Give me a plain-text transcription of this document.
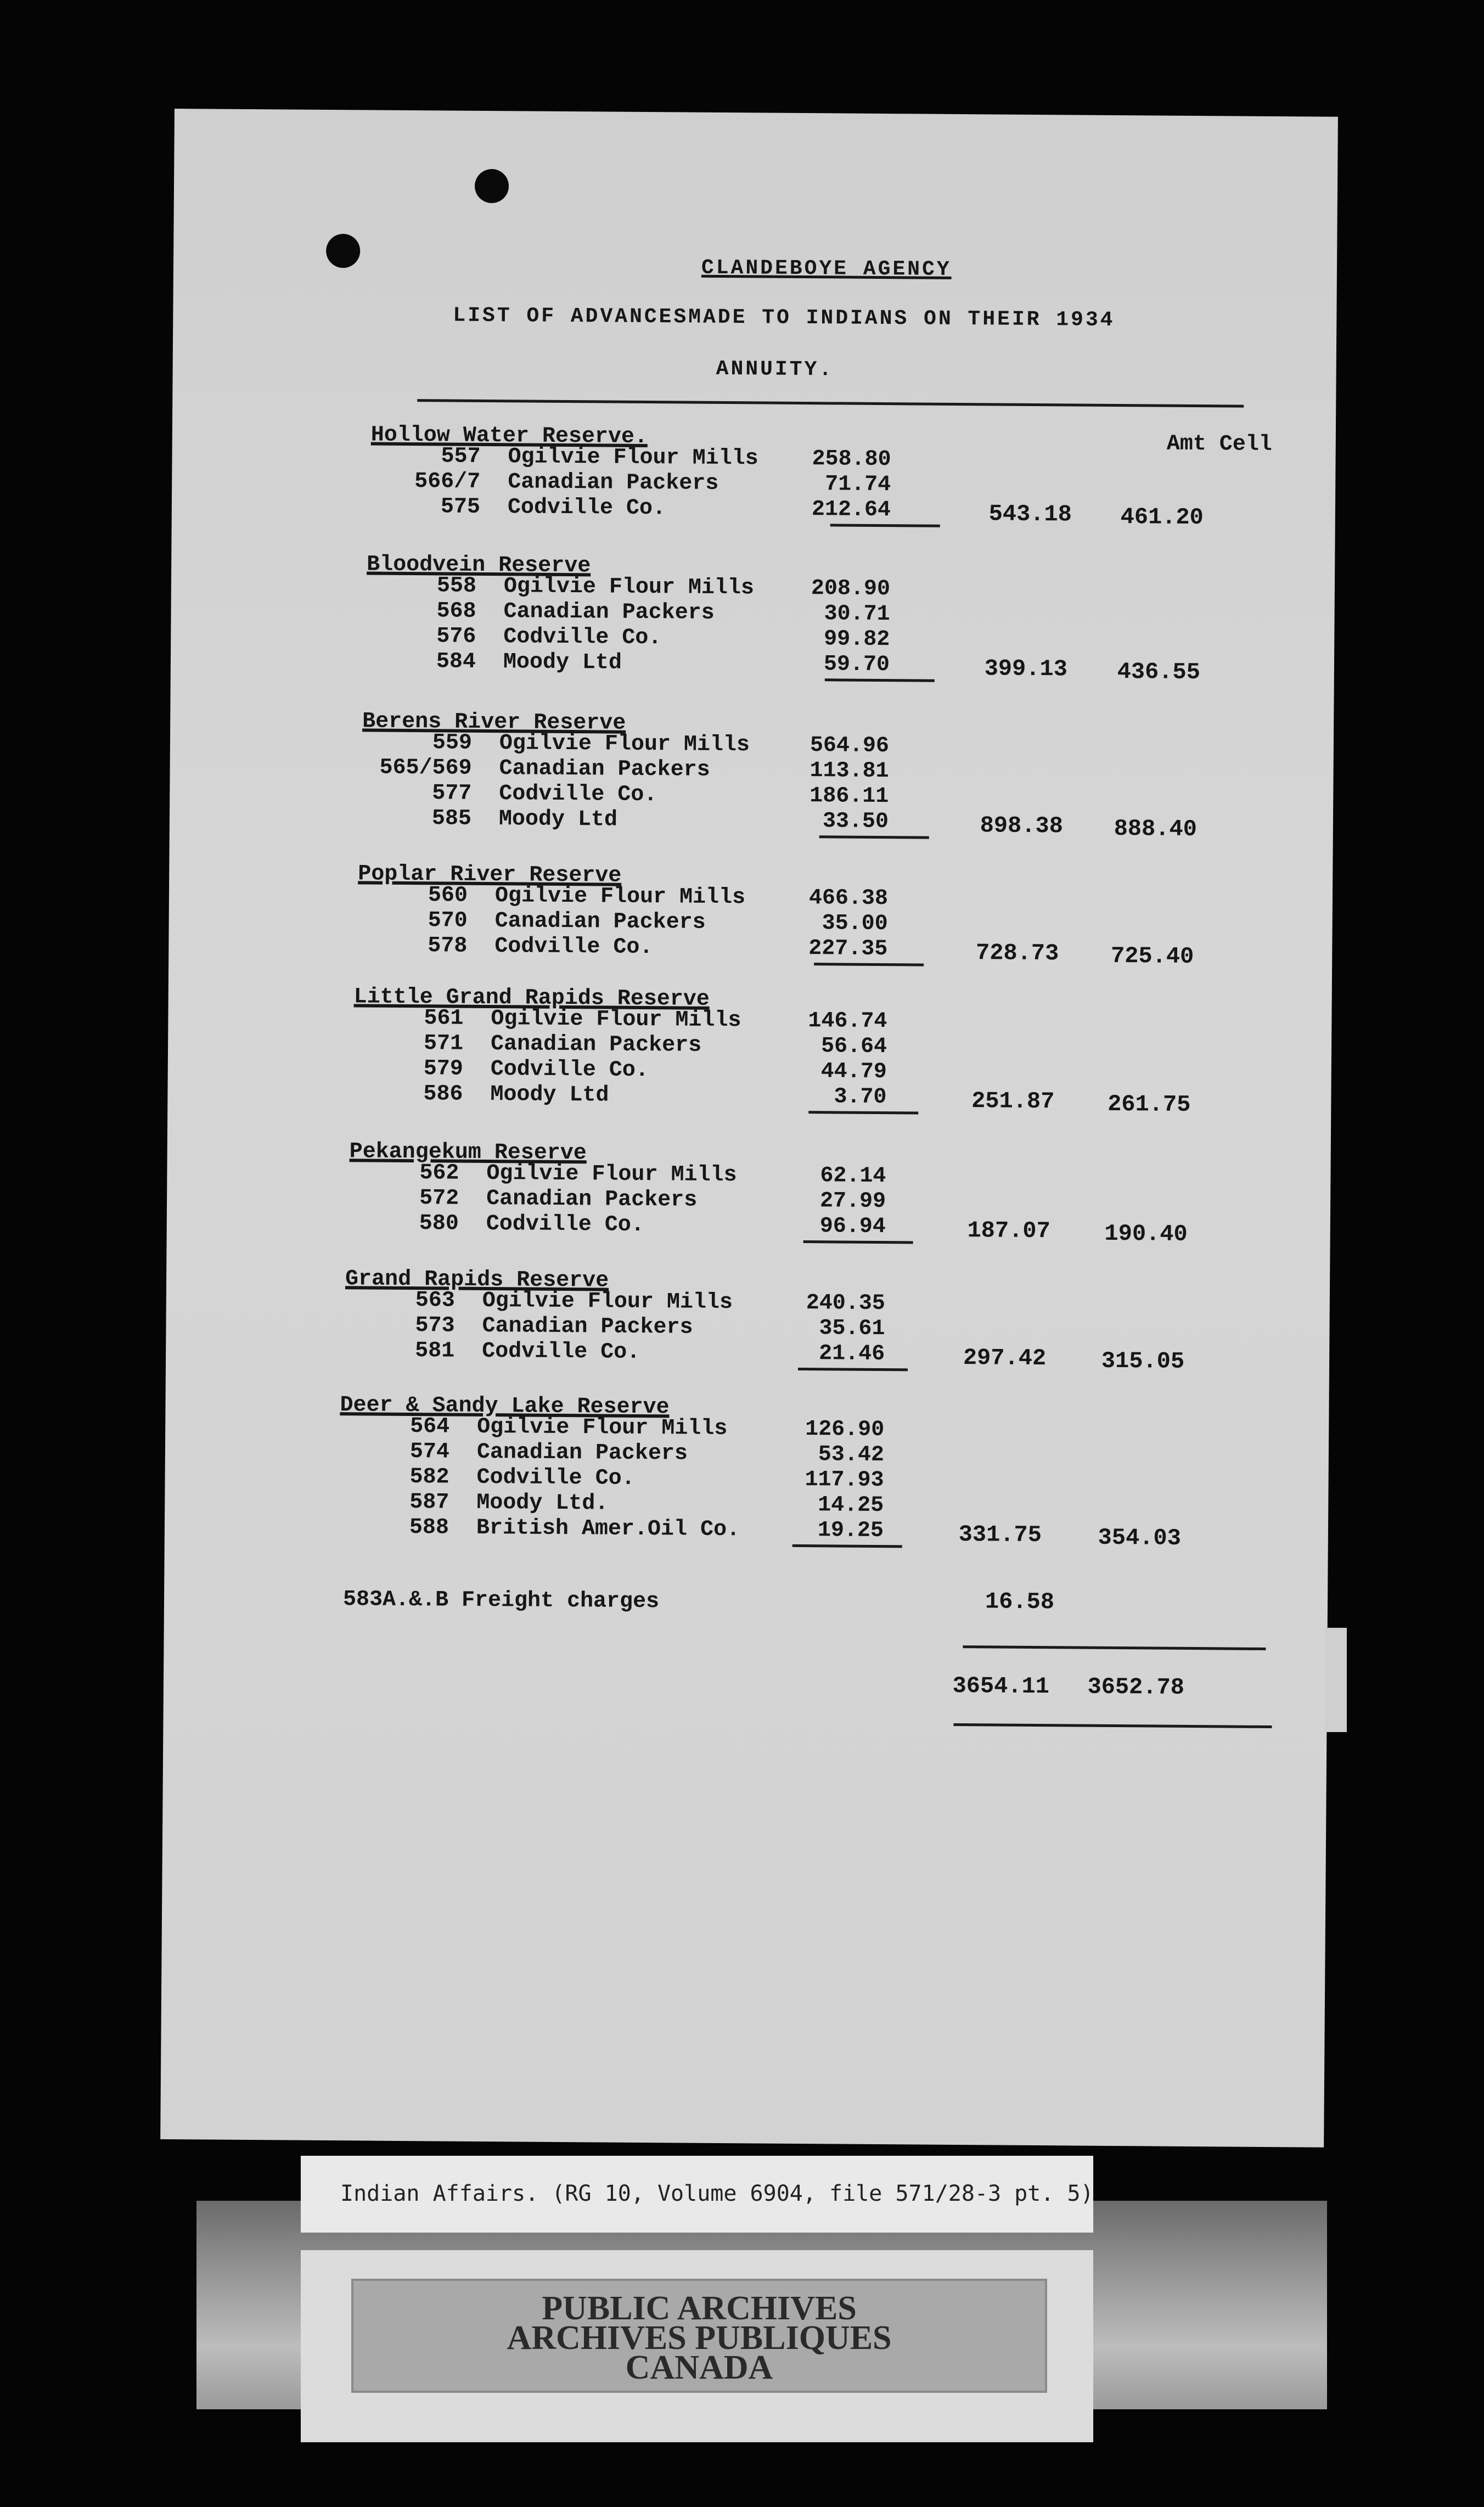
CLANDEBOYE AGENCY
LIST OF ADVANCESMADE TO INDIANS ON THEIR 1934
ANNUITY.
Amt Cell
Hollow Water Reserve.
557 Ogilvie Flour Mills	258.80
566/7 Canadian Packers	71.74
575 Codville Co.	212.64	543.18	461.20
Bloodvein Reserve
558 Ogilvie Flour Mills	208.90
568 Canadian Packers	30.71
576 Codville Co.	99.82
584 Moody Ltd	59.70	399.13	436.55
Berens River Reserve
559 Ogilvie Flour Mills	564.96
565/569 Canadian Packers	113.81
577 Codville Co.	186.11
585 Moody Ltd	33.50	898.38	888.40
Poplar River Reserve
560 Ogilvie Flour Mills	466.38
570 Canadian Packers	35.00
578 Codville Co.	227.35	728.73	725.40
Little Grand Rapids Reserve
561 Ogilvie Flour Mills	146.74
571 Canadian Packers	56.64
579 Codville Co.	44.79
586 Moody Ltd	3.70	251.87	261.75
Pekangekum Reserve
562 Ogilvie Flour Mills	62.14
572 Canadian Packers	27.99
580 Codville Co.	96.94	187.07	190.40
Grand Rapids Reserve
563 Ogilvie Flour Mills	240.35
573 Canadian Packers	35.61
581 Codville Co.	21.46	297.42	315.05
Deer & Sandy Lake Reserve
564 Ogilvie Flour Mills	126.90
574 Canadian Packers	53.42
582 Codville Co.	117.93
587 Moody Ltd.	14.25
588 British Amer.Oil Co.	19.25	331.75	354.03
583A.&.B Freight charges	16.58
3654.11	3652.78
PUBLIC ARCHIVES
ARCHIVES PUBLIQUES
CANADA
Indian Affairs. (RG 10, Volume 6904, file 571/28-3 pt. 5)
